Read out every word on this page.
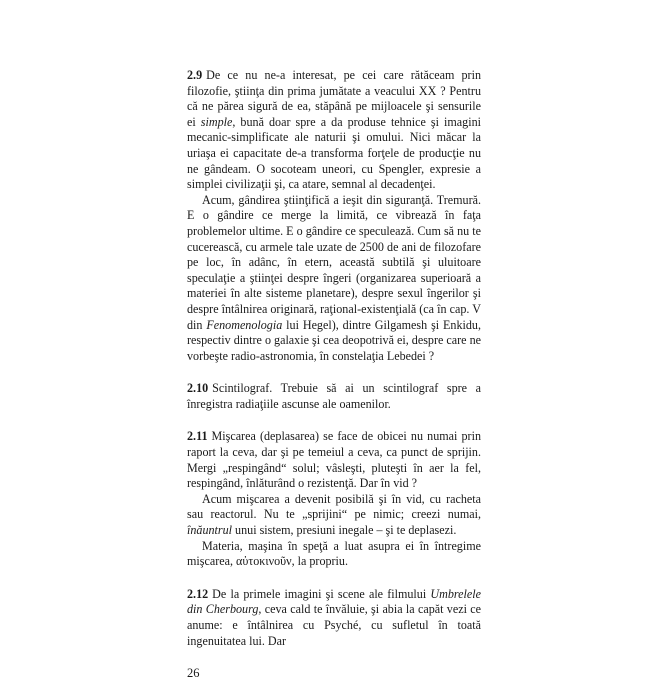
2.9 De ce nu ne-a interesat, pe cei care rătăceam prin filozofie, ştiinţa din prima jumătate a veacului XX ? Pentru că ne părea sigură de ea, stăpână pe mijloacele şi sensurile ei simple, bună doar spre a da produse tehnice şi imagini mecanic-simplificate ale naturii şi omului. Nici măcar la uriaşa ei capacitate de-a transforma forţele de producţie nu ne gândeam. O socoteam uneori, cu Spengler, expresie a simplei civilizaţii şi, ca atare, semnal al decadenţei.

Acum, gândirea ştiinţifică a ieşit din siguranţă. Tremură. E o gândire ce merge la limită, ce vibrează în faţa problemelor ultime. E o gândire ce speculează. Cum să nu te cucerească, cu armele tale uzate de 2500 de ani de filozofare pe loc, în adânc, în etern, această subtilă şi uluitoare speculaţie a ştiinţei despre îngeri (organizarea superioară a materiei în alte sisteme planetare), despre sexul îngerilor şi despre întâlnirea originară, raţional-existenţială (ca în cap. V din Fenomenologia lui Hegel), dintre Gilgamesh şi Enkidu, respectiv dintre o galaxie şi cea deopotrivă ei, despre care ne vorbeşte radio-astronomia, în constelaţia Lebedei ?

2.10 Scintilograf. Trebuie să ai un scintilograf spre a înregistra radiaţiile ascunse ale oamenilor.

2.11 Mişcarea (deplasarea) se face de obicei nu numai prin raport la ceva, dar şi pe temeiul a ceva, ca punct de sprijin. Mergi „respingând“ solul; vâsleşti, pluteşti în aer la fel, respingând, înlăturând o rezistenţă. Dar în vid ?

Acum mişcarea a devenit posibilă şi în vid, cu racheta sau reactorul. Nu te „sprijini“ pe nimic; creezi numai, înăuntrul unui sistem, presiuni inegale – şi te deplasezi.

Materia, maşina în speţă a luat asupra ei în întregime mişcarea, αὐτοκινοῦν, la propriu.

2.12 De la primele imagini şi scene ale filmului Umbrelele din Cherbourg, ceva cald te învăluie, şi abia la capăt vezi ce anume: e întâlnirea cu Psyché, cu sufletul în toată ingenuitatea lui. Dar

26
